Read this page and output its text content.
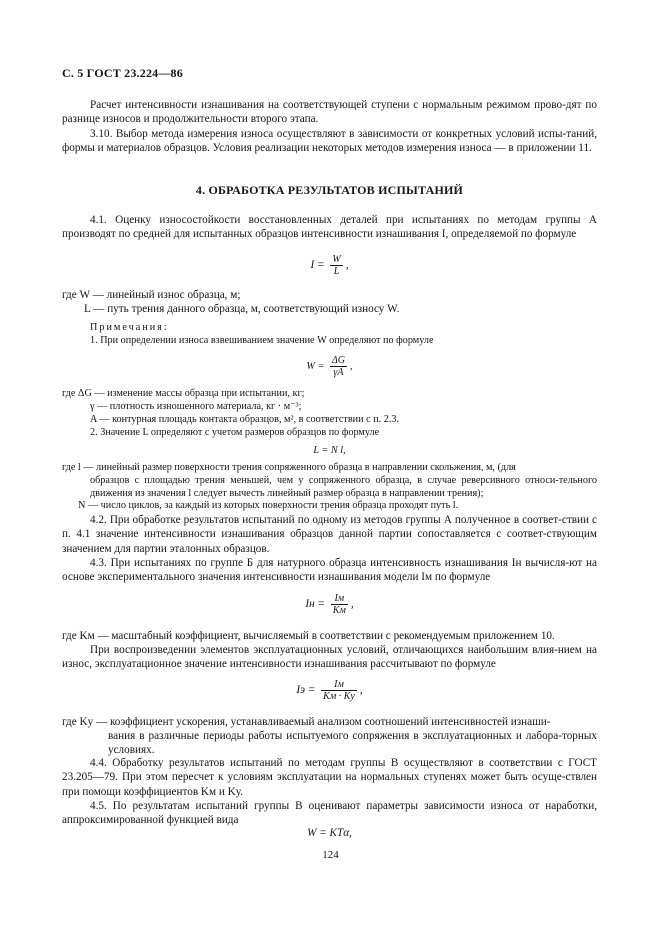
С. 5 ГОСТ 23.224—86
Расчет интенсивности изнашивания на соответствующей ступени с нормальным режимом прово-дят по разнице износов и продолжительности второго этапа.
3.10. Выбор метода измерения износа осуществляют в зависимости от конкретных условий испы-таний, формы и материалов образцов. Условия реализации некоторых методов измерения износа — в приложении 11.
4. ОБРАБОТКА РЕЗУЛЬТАТОВ ИСПЫТАНИЙ
4.1. Оценку износостойкости восстановленных деталей при испытаниях по методам группы А производят по средней для испытанных образцов интенсивности изнашивания I, определяемой по формуле
$I = \frac{W}{L}$ ,
где W — линейный износ образца, м;
L — путь трения данного образца, м, соответствующий износу W.
Примечания:
1. При определении износа взвешиванием значение W определяют по формуле
$W = \frac{\Delta G}{\gamma A}$ ,
где ΔG — изменение массы образца при испытании, кг;
γ — плотность изношенного материала, кг · м⁻³;
A — контурная площадь контакта образцов, м², в соответствии с п. 2.3.
2. Значение L определяют с учетом размеров образцов по формуле
L = N l,
где l — линейный размер поверхности трения сопряженного образца в направлении скольжения, м, (для
образцов с площадью трения меньшей, чем у сопряженного образца, в случае реверсивного относи-тельного движения из значения l следует вычесть линейный размер образца в направлении трения);
N — число циклов, за каждый из которых поверхности трения образца проходят путь l.
4.2. При обработке результатов испытаний по одному из методов группы А полученное в соответ-ствии с п. 4.1 значение интенсивности изнашивания образцов данной партии сопоставляется с соответ-ствующим значением для партии эталонных образцов.
4.3. При испытаниях по группе Б для натурного образца интенсивность изнашивания Iн вычисля-ют на основе экспериментального значения интенсивности изнашивания модели Iм по формуле
Iн = $\frac{Iм}{Kм}$ ,
где Kм — масштабный коэффициент, вычисляемый в соответствии с рекомендуемым приложением 10.
При воспроизведении элементов эксплуатационных условий, отличающихся наибольшим влия-нием на износ, эксплуатационное значение интенсивности изнашивания рассчитывают по формуле
Iэ = $\frac{Iм}{Kм \cdot Kу}$ ,
где Kу — коэффициент ускорения, устанавливаемый анализом соотношений интенсивностей изнаши-
вания в различные периоды работы испытуемого сопряжения в эксплуатационных и лабора-торных условиях.
4.4. Обработку результатов испытаний по методам группы В осуществляют в соответствии с ГОСТ 23.205—79. При этом пересчет к условиям эксплуатации на нормальных ступенях может быть осуще-ствлен при помощи коэффициентов Kм и Kу.
4.5. По результатам испытаний группы В оценивают параметры зависимости износа от наработки, аппроксимированной функцией вида
W = KTα,
124
